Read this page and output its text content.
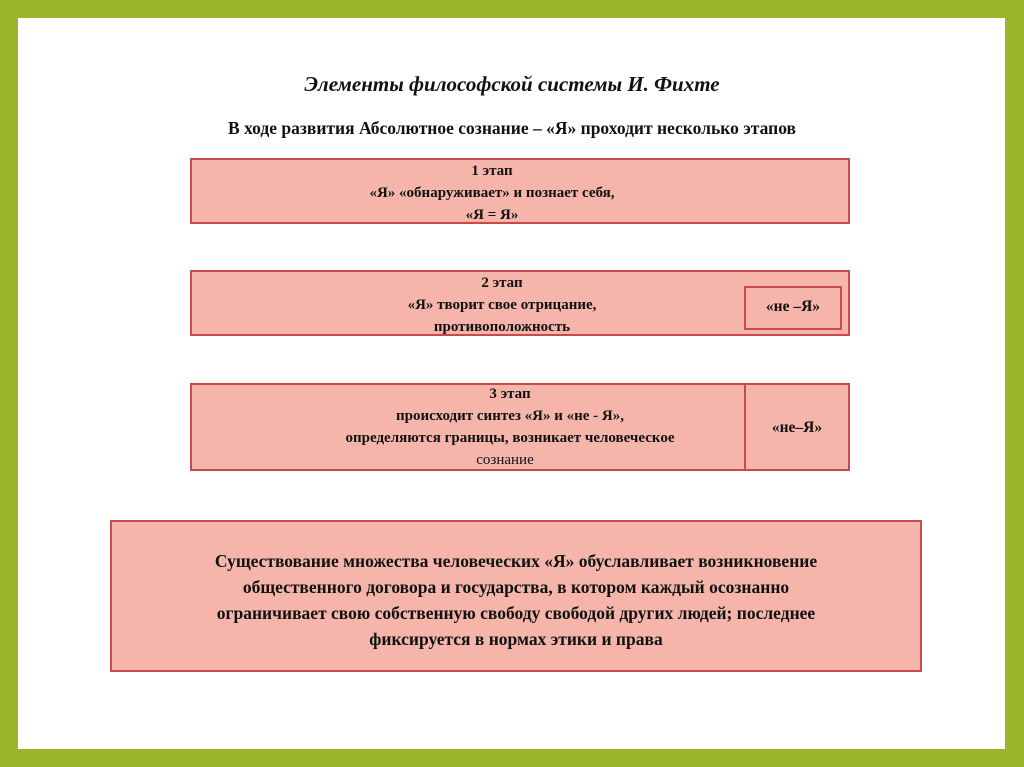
Элементы философской системы И. Фихте
В ходе развития Абсолютное сознание – «Я» проходит несколько этапов
1 этап
«Я» «обнаруживает» и познает себя,
«Я = Я»
2 этап
«Я» творит свое отрицание,
противоположность
«не –Я»
3 этап
происходит синтез «Я» и «не - Я»,
определяются границы, возникает человеческое
сознание
«не–Я»
Существование множества человеческих «Я» обуславливает возникновение
общественного договора и государства, в котором каждый осознанно
ограничивает свою собственную свободу свободой других людей; последнее
фиксируется в нормах этики и права
